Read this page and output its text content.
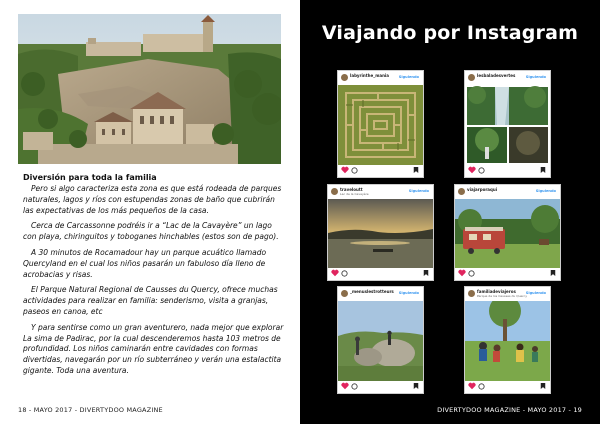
Diversión para toda la familia

Pero si algo caracteriza esta zona es que está rodeada de parques naturales, lagos y ríos con estupendas zonas de baño que cubrirán las expectativas de los más pequeños de la casa.

Cerca de Carcassonne podréis ir a “Lac de la Cavayère” un lago con playa, chiringuitos y toboganes hinchables (estos son de pago).

A 30 minutos de Rocamadour hay un parque acuático llamado Quercyland en el cual los niños pasarán un fabuloso día lleno de acrobacias y risas.

El Parque Natural Regional de Causses du Quercy, ofrece muchas actividades para realizar en familia: senderismo, visita a granjas, paseos en canoa, etc

Y para sentirse como un gran aventurero, nada mejor que explorar La sima de Padirac, por la cual descenderemos hasta 103 metros de profundidad. Los niños caminarán entre cavidades con formas divertidas, navegarán por un río subterráneo y verán una estalactita gigante. Toda una aventura.

18 - MAYO 2017 - DIVERTYDOO MAGAZINE
Viajando por Instagram
labyrinthe_mania	Siguiendo	lesbaladesvertes	Siguiendo
traveloutt
Lac de la Cavayère
Siguiendo	viajarporaqui	Siguiendo
_menuslestrotteurs Siguiendo	familiadeviajeros
Parque de los Causses du Quercy
Siguiendo
DIVERTYDOO MAGAZINE - MAYO 2017 - 19
